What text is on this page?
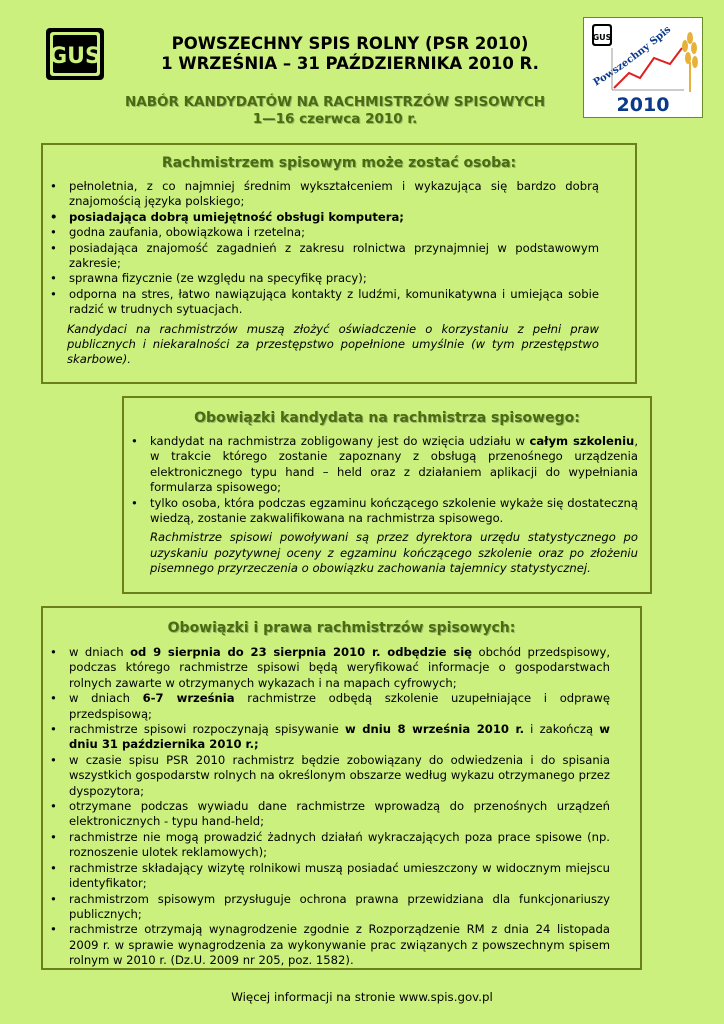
GUS
POWSZECHNY SPIS ROLNY (PSR 2010)
1 WRZEŚNIA – 31 PAŹDZIERNIKA 2010 R.
GUS
Powszechny Spis
2010
NABÓR KANDYDATÓW NA RACHMISTRZÓW SPISOWYCH
1—16 czerwca 2010 r.
Rachmistrzem spisowym może zostać osoba:
• pełnoletnia, z co najmniej średnim wykształceniem i wykazująca się bardzo dobrą znajomością języka polskiego;
• posiadająca dobrą umiejętność obsługi komputera;
• godna zaufania, obowiązkowa i rzetelna;
• posiadająca znajomość zagadnień z zakresu rolnictwa przynajmniej w podstawowym zakresie;
• sprawna fizycznie (ze względu na specyfikę pracy);
• odporna na stres, łatwo nawiązująca kontakty z ludźmi, komunikatywna i umiejąca sobie radzić w trudnych sytuacjach.

Kandydaci na rachmistrzów muszą złożyć oświadczenie o korzystaniu z pełni praw publicznych i niekaralności za przestępstwo popełnione umyślnie (w tym przestępstwo skarbowe).

Obowiązki kandydata na rachmistrza spisowego:
• kandydat na rachmistrza zobligowany jest do wzięcia udziału w całym szkoleniu, w trakcie którego zostanie zapoznany z obsługą przenośnego urządzenia elektronicznego typu hand – held oraz z działaniem aplikacji do wypełniania formularza spisowego;
• tylko osoba, która podczas egzaminu kończącego szkolenie wykaże się dostateczną wiedzą, zostanie zakwalifikowana na rachmistrza spisowego.

Rachmistrze spisowi powoływani są przez dyrektora urzędu statystycznego po uzyskaniu pozytywnej oceny z egzaminu kończącego szkolenie oraz po złożeniu pisemnego przyrzeczenia o obowiązku zachowania tajemnicy statystycznej.

Obowiązki i prawa rachmistrzów spisowych:
• w dniach od 9 sierpnia do 23 sierpnia 2010 r. odbędzie się obchód przedspisowy, podczas którego rachmistrze spisowi będą weryfikować informacje o gospodarstwach rolnych zawarte w otrzymanych wykazach i na mapach cyfrowych;
• w dniach 6-7 września rachmistrze odbędą szkolenie uzupełniające i odprawę przedspisową;
• rachmistrze spisowi rozpoczynają spisywanie w dniu 8 września 2010 r. i zakończą w dniu 31 października 2010 r.;
• w czasie spisu PSR 2010 rachmistrz będzie zobowiązany do odwiedzenia i do spisania wszystkich gospodarstw rolnych na określonym obszarze według wykazu otrzymanego przez dyspozytora;
• otrzymane podczas wywiadu dane rachmistrze wprowadzą do przenośnych urządzeń elektronicznych - typu hand-held;
• rachmistrze nie mogą prowadzić żadnych działań wykraczających poza prace spisowe (np. roznoszenie ulotek reklamowych);
• rachmistrze składający wizytę rolnikowi muszą posiadać umieszczony w widocznym miejscu identyfikator;
• rachmistrzom spisowym przysługuje ochrona prawna przewidziana dla funkcjonariuszy publicznych;
• rachmistrze otrzymają wynagrodzenie zgodnie z Rozporządzenie RM z dnia 24 listopada 2009 r. w sprawie wynagrodzenia za wykonywanie prac związanych z powszechnym spisem rolnym w 2010 r. (Dz.U. 2009 nr 205, poz. 1582).
Więcej informacji na stronie www.spis.gov.pl
